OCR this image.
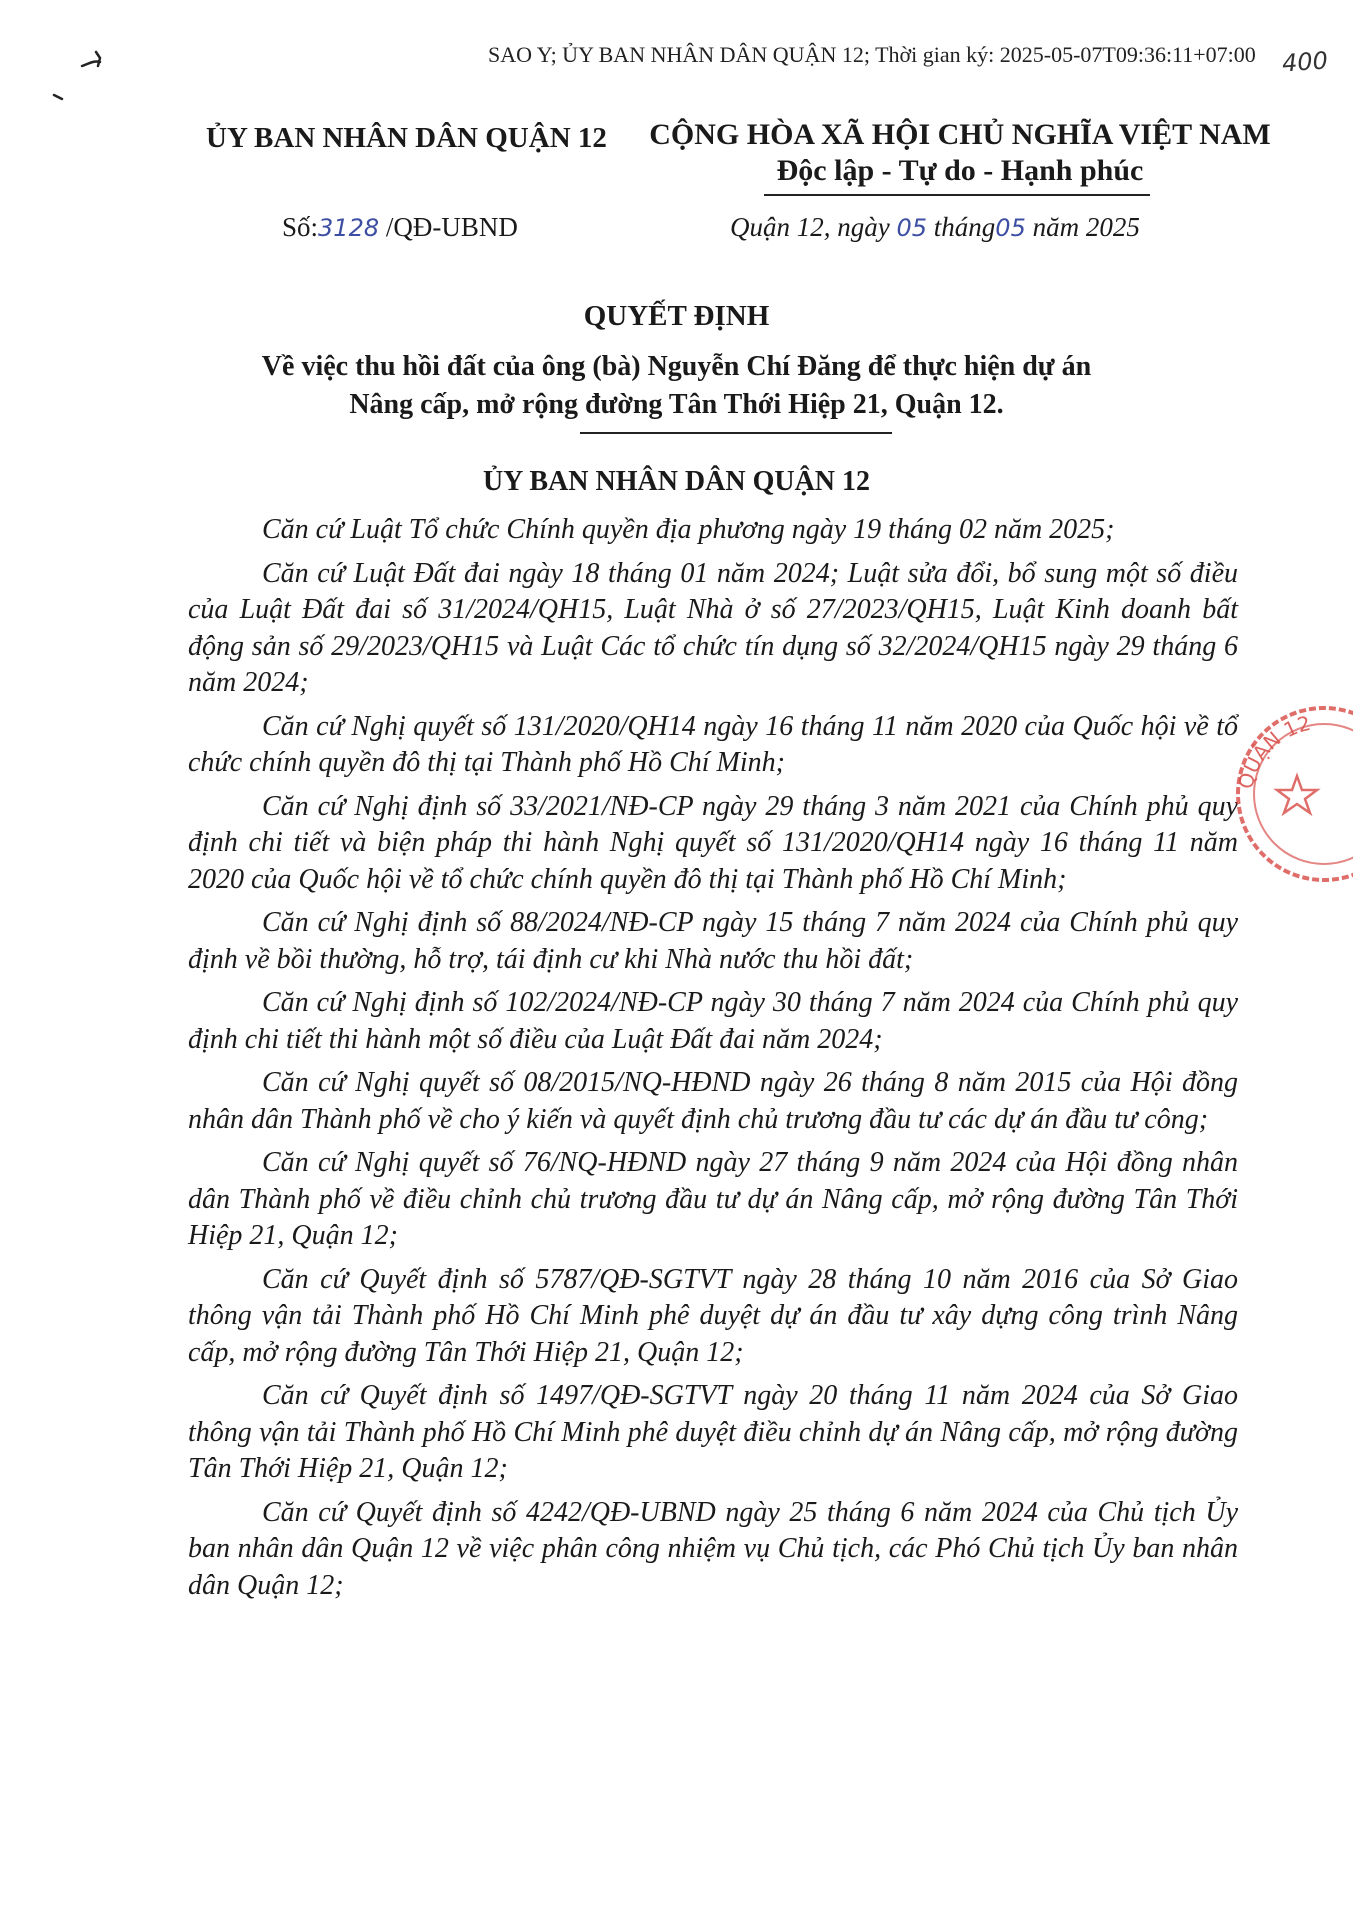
SAO Y; ỦY BAN NHÂN DÂN QUẬN 12; Thời gian ký: 2025-05-07T09:36:11+07:00 400
ỦY BAN NHÂN DÂN QUẬN 12 CỘNG HÒA XÃ HỘI CHỦ NGHĨA VIỆT NAM
Độc lập - Tự do - Hạnh phúc
Số:3128 /QĐ-UBND	Quận 12, ngày 05 tháng05 năm 2025
QUYẾT ĐỊNH
Về việc thu hồi đất của ông (bà) Nguyễn Chí Đăng để thực hiện dự án
Nâng cấp, mở rộng đường Tân Thới Hiệp 21, Quận 12.
ỦY BAN NHÂN DÂN QUẬN 12

Căn cứ Luật Tổ chức Chính quyền địa phương ngày 19 tháng 02 năm 2025;

Căn cứ Luật Đất đai ngày 18 tháng 01 năm 2024; Luật sửa đổi, bổ sung một số điều của Luật Đất đai số 31/2024/QH15, Luật Nhà ở số 27/2023/QH15, Luật Kinh doanh bất động sản số 29/2023/QH15 và Luật Các tổ chức tín dụng số 32/2024/QH15 ngày 29 tháng 6 năm 2024;

Căn cứ Nghị quyết số 131/2020/QH14 ngày 16 tháng 11 năm 2020 của Quốc hội về tổ chức chính quyền đô thị tại Thành phố Hồ Chí Minh;

Căn cứ Nghị định số 33/2021/NĐ-CP ngày 29 tháng 3 năm 2021 của Chính phủ quy định chi tiết và biện pháp thi hành Nghị quyết số 131/2020/QH14 ngày 16 tháng 11 năm 2020 của Quốc hội về tổ chức chính quyền đô thị tại Thành phố Hồ Chí Minh;

Căn cứ Nghị định số 88/2024/NĐ-CP ngày 15 tháng 7 năm 2024 của Chính phủ quy định về bồi thường, hỗ trợ, tái định cư khi Nhà nước thu hồi đất;

Căn cứ Nghị định số 102/2024/NĐ-CP ngày 30 tháng 7 năm 2024 của Chính phủ quy định chi tiết thi hành một số điều của Luật Đất đai năm 2024;

Căn cứ Nghị quyết số 08/2015/NQ-HĐND ngày 26 tháng 8 năm 2015 của Hội đồng nhân dân Thành phố về cho ý kiến và quyết định chủ trương đầu tư các dự án đầu tư công;

Căn cứ Nghị quyết số 76/NQ-HĐND ngày 27 tháng 9 năm 2024 của Hội đồng nhân dân Thành phố về điều chỉnh chủ trương đầu tư dự án Nâng cấp, mở rộng đường Tân Thới Hiệp 21, Quận 12;

Căn cứ Quyết định số 5787/QĐ-SGTVT ngày 28 tháng 10 năm 2016 của Sở Giao thông vận tải Thành phố Hồ Chí Minh phê duyệt dự án đầu tư xây dựng công trình Nâng cấp, mở rộng đường Tân Thới Hiệp 21, Quận 12;

Căn cứ Quyết định số 1497/QĐ-SGTVT ngày 20 tháng 11 năm 2024 của Sở Giao thông vận tải Thành phố Hồ Chí Minh phê duyệt điều chỉnh dự án Nâng cấp, mở rộng đường Tân Thới Hiệp 21, Quận 12;

Căn cứ Quyết định số 4242/QĐ-UBND ngày 25 tháng 6 năm 2024 của Chủ tịch Ủy ban nhân dân Quận 12 về việc phân công nhiệm vụ Chủ tịch, các Phó Chủ tịch Ủy ban nhân dân Quận 12;

QUẬN 12
